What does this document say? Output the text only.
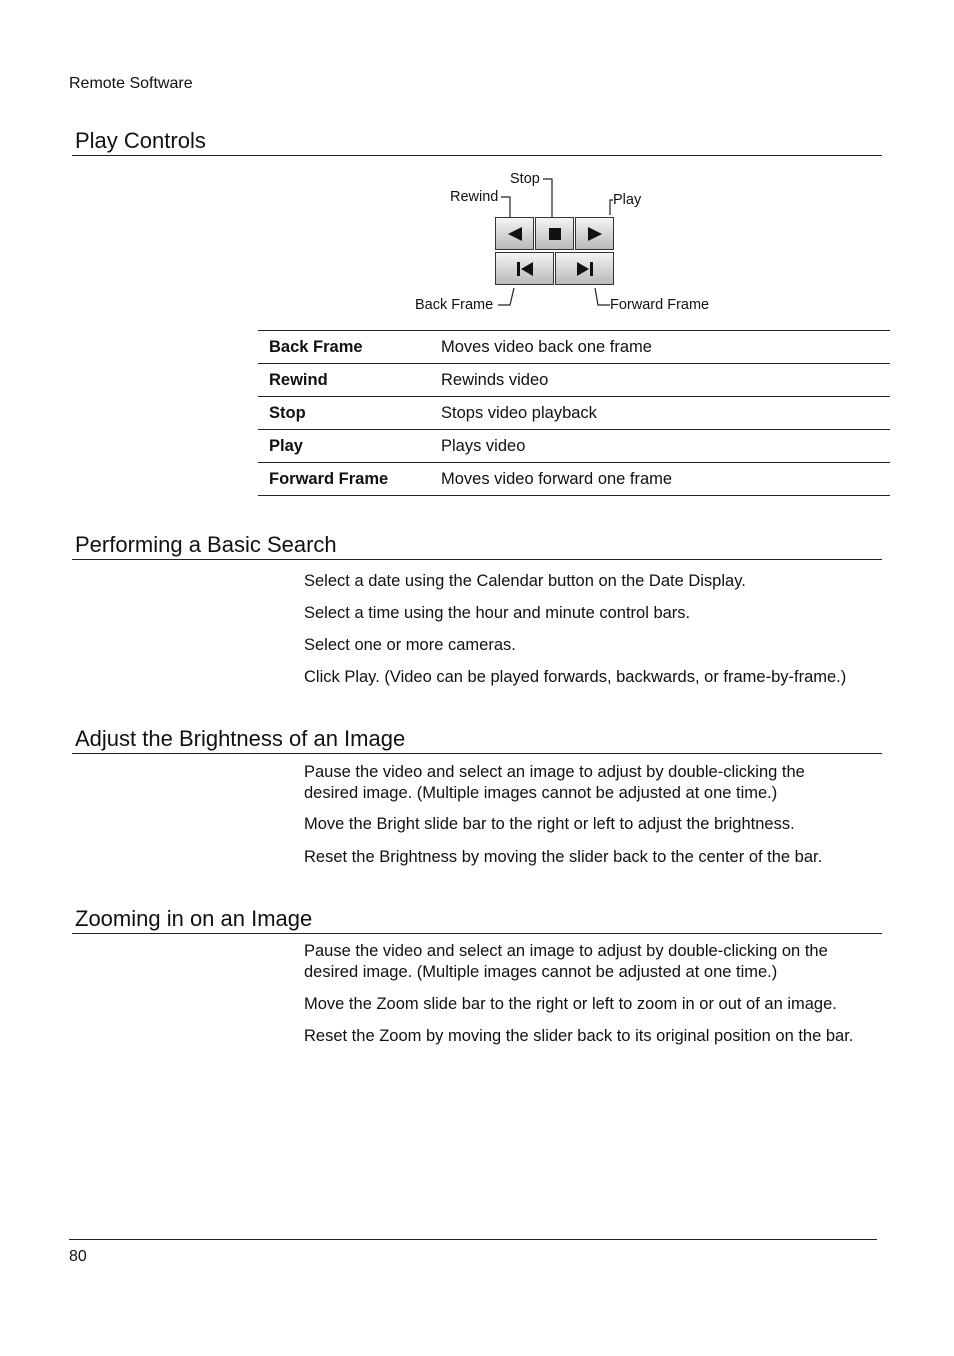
Remote Software
Play Controls
Stop
Rewind	Play
Back Frame	Forward Frame
Back Frame	Moves video back one frame
Rewind	Rewinds video
Stop	Stops video playback
Play	Plays video
Forward Frame	Moves video forward one frame
Performing a Basic Search
Select a date using the Calendar button on the Date Display.
Select a time using the hour and minute control bars.
Select one or more cameras.
Click Play. (Video can be played forwards, backwards, or frame-by-frame.)
Adjust the Brightness of an Image
Pause the video and select an image to adjust by double-clicking the desired image. (Multiple images cannot be adjusted at one time.)
Move the Bright slide bar to the right or left to adjust the brightness.
Reset the Brightness by moving the slider back to the center of the bar.
Zooming in on an Image
Pause the video and select an image to adjust by double-clicking on the desired image. (Multiple images cannot be adjusted at one time.)
Move the Zoom slide bar to the right or left to zoom in or out of an image.
Reset the Zoom by moving the slider back to its original position on the bar.
80
